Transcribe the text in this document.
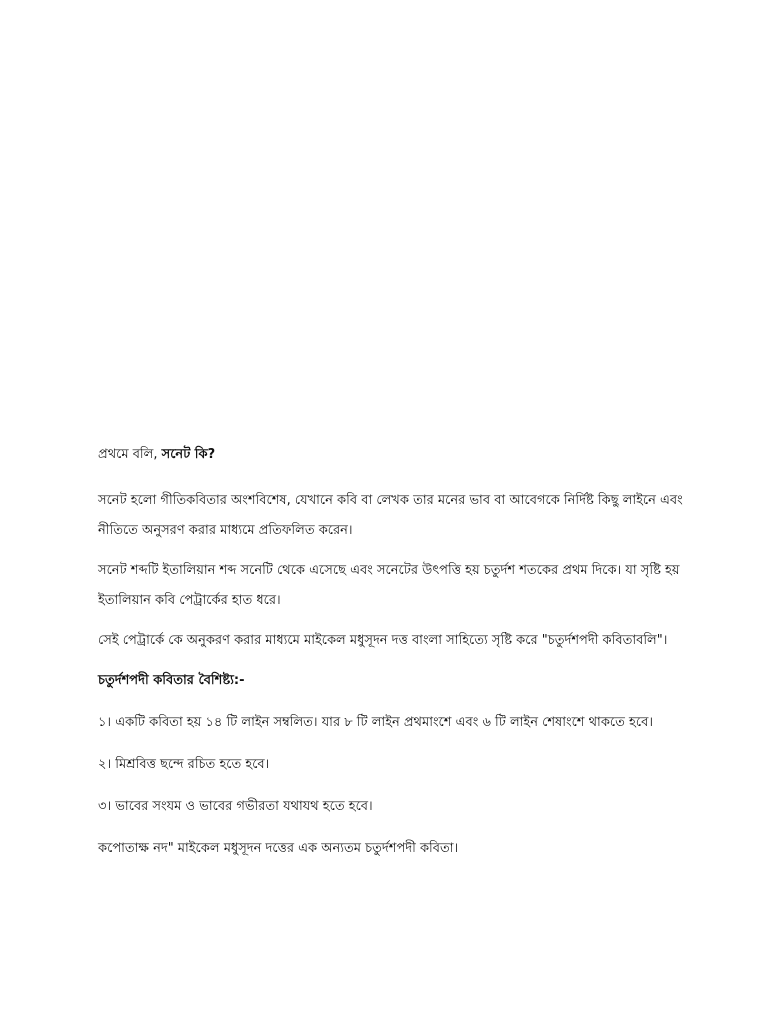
প্রথমে বলি, সনেট কি?

সনেট হলো গীতিকবিতার অংশবিশেষ, যেখানে কবি বা লেখক তার মনের ভাব বা আবেগকে নির্দিষ্ট কিছু লাইনে এবং নীতিতে অনুসরণ করার মাধ্যমে প্রতিফলিত করেন।

সনেট শব্দটি ইতালিয়ান শব্দ সনেটি থেকে এসেছে এবং সনেটের উৎপত্তি হয় চতুর্দশ শতকের প্রথম দিকে। যা সৃষ্টি হয় ইতালিয়ান কবি পেট্রার্কের হাত ধরে।

সেই পেট্রার্কে কে অনুকরণ করার মাধ্যমে মাইকেল মধুসূদন দত্ত বাংলা সাহিত্যে সৃষ্টি করে "চতুর্দশপদী কবিতাবলি"।

চতুর্দশপদী কবিতার বৈশিষ্ট্য:-

১। একটি কবিতা হয় ১৪ টি লাইন সম্বলিত। যার ৮ টি লাইন প্রথমাংশে এবং ৬ টি লাইন শেষাংশে থাকতে হবে।

২। মিশ্রবিত্ত ছন্দে রচিত হতে হবে।

৩। ভাবের সংযম ও ভাবের গভীরতা যথাযথ হতে হবে।

কপোতাক্ষ নদ" মাইকেল মধুসূদন দত্তের এক অন্যতম চতুর্দশপদী কবিতা।
